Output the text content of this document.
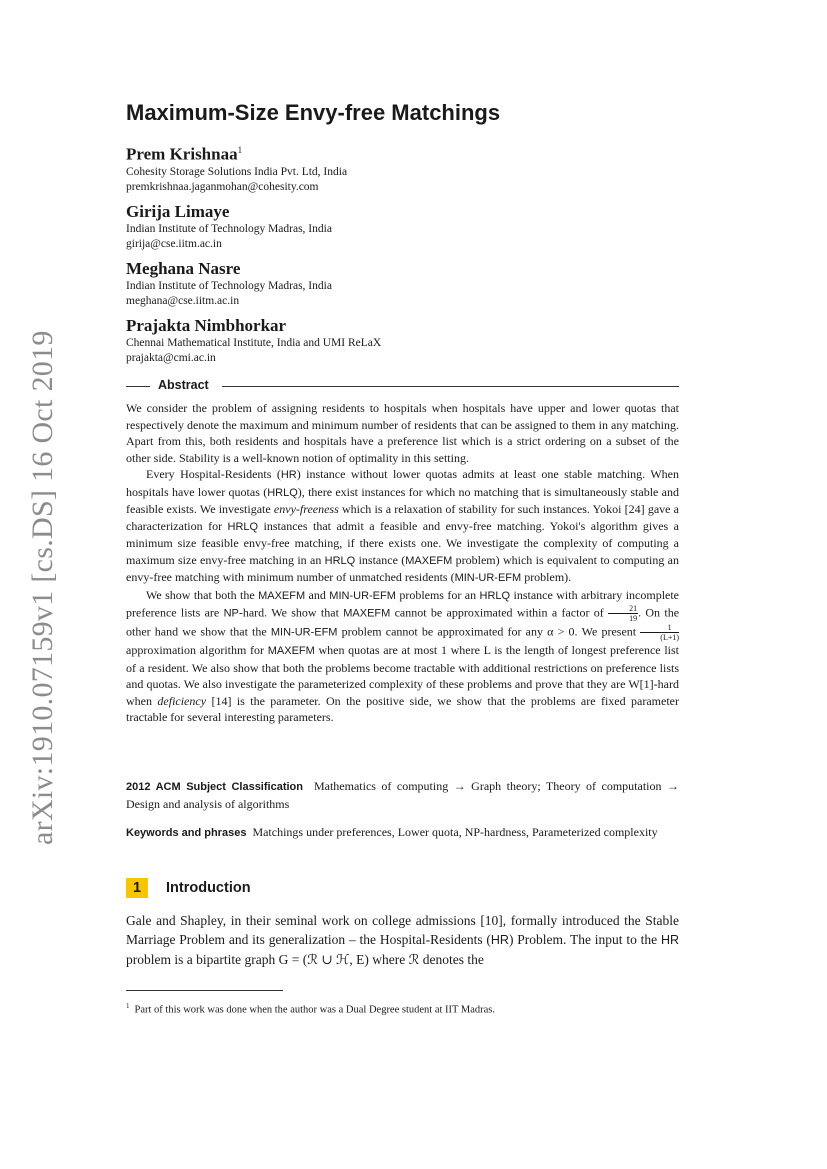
arXiv:1910.07159v1 [cs.DS] 16 Oct 2019
Maximum-Size Envy-free Matchings
Prem Krishnaa$^1$
Cohesity Storage Solutions India Pvt. Ltd, India
premkrishnaa.jaganmohan@cohesity.com
Girija Limaye
Indian Institute of Technology Madras, India
girija@cse.iitm.ac.in
Meghana Nasre
Indian Institute of Technology Madras, India
meghana@cse.iitm.ac.in
Prajakta Nimbhorkar
Chennai Mathematical Institute, India and UMI ReLaX
prajakta@cmi.ac.in
Abstract

We consider the problem of assigning residents to hospitals when hospitals have upper and lower quotas that respectively denote the maximum and minimum number of residents that can be assigned to them in any matching. Apart from this, both residents and hospitals have a preference list which is a strict ordering on a subset of the other side. Stability is a well-known notion of optimality in this setting.

Every Hospital-Residents (HR) instance without lower quotas admits at least one stable matching. When hospitals have lower quotas (HRLQ), there exist instances for which no matching that is simultaneously stable and feasible exists. We investigate envy-freeness which is a relaxation of stability for such instances. Yokoi [24] gave a characterization for HRLQ instances that admit a feasible and envy-free matching. Yokoi's algorithm gives a minimum size feasible envy-free matching, if there exists one. We investigate the complexity of computing a maximum size envy-free matching in an HRLQ instance (MAXEFM problem) which is equivalent to computing an envy-free matching with minimum number of unmatched residents (MIN-UR-EFM problem).

We show that both the MAXEFM and MIN-UR-EFM problems for an HRLQ instance with arbitrary incomplete preference lists are NP-hard. We show that MAXEFM cannot be approximated within a factor of $\frac{21}{19}$ . On the other hand we show that the MIN-UR-EFM problem cannot be approximated for any α > 0. We present $\frac{1}{(L+1)}$
approximation algorithm for MAXEFM when quotas are at most 1 where L is the length of longest preference list of a resident. We also show that both the problems become tractable with additional restrictions on preference lists and quotas. We also investigate the parameterized complexity of these problems and prove that they are W[1]-hard when deficiency [14] is the parameter. On the positive side, we show that the problems are fixed parameter tractable for several interesting parameters.

2012 ACM Subject Classification Mathematics of computing → Graph theory; Theory of computation → Design and analysis of algorithms

Keywords and phrases Matchings under preferences, Lower quota, NP-hardness, Parameterized complexity

1 Introduction

Gale and Shapley, in their seminal work on college admissions [10], formally introduced the Stable Marriage Problem and its generalization – the Hospital-Residents (HR) Problem. The input to the HR problem is a bipartite graph G = (ℛ ∪ ℋ, E) where ℛ denotes the

$^1$ Part of this work was done when the author was a Dual Degree student at IIT Madras.
